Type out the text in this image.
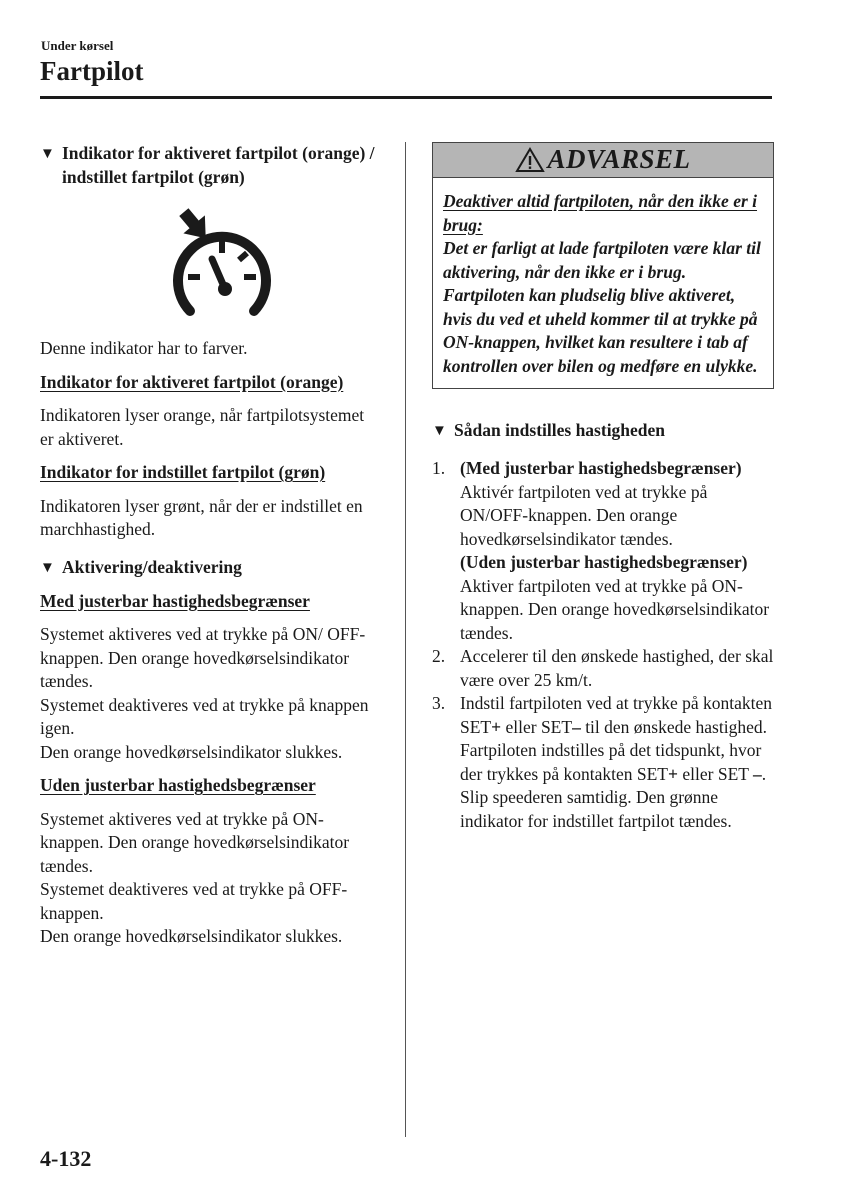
Under kørsel
Fartpilot
▼ Indikator for aktiveret fartpilot (orange) / indstillet fartpilot (grøn)

Denne indikator har to farver.

Indikator for aktiveret fartpilot (orange)

Indikatoren lyser orange, når fartpilotsystemet er aktiveret.

Indikator for indstillet fartpilot (grøn)

Indikatoren lyser grønt, når der er indstillet en marchhastighed.

▼ Aktivering/deaktivering
Med justerbar hastighedsbegrænser

Systemet aktiveres ved at trykke på ON/ OFF-knappen. Den orange hovedkørselsindikator tændes.

Systemet deaktiveres ved at trykke på knappen igen.

Den orange hovedkørselsindikator slukkes.

Uden justerbar hastighedsbegrænser

Systemet aktiveres ved at trykke på ON-knappen. Den orange hovedkørselsindikator tændes.

Systemet deaktiveres ved at trykke på OFF-knappen.

Den orange hovedkørselsindikator slukkes.

ADVARSEL
Deaktiver altid fartpiloten, når den ikke er i brug:
Det er farligt at lade fartpiloten være klar til aktivering, når den ikke er i brug. Fartpiloten kan pludselig blive aktiveret, hvis du ved et uheld kommer til at trykke på ON-knappen, hvilket kan resultere i tab af kontrollen over bilen og medføre en ulykke.
▼ Sådan indstilles hastigheden
1. (Med justerbar hastighedsbegrænser)
Aktivér fartpiloten ved at trykke på ON/OFF-knappen. Den orange hovedkørselsindikator tændes.
(Uden justerbar hastighedsbegrænser)
Aktiver fartpiloten ved at trykke på ON-knappen. Den orange hovedkørselsindikator tændes.
2. Accelerer til den ønskede hastighed, der skal være over 25 km/t.
3. Indstil fartpiloten ved at trykke på kontakten SET+ eller SET– til den ønskede hastighed. Fartpiloten indstilles på det tidspunkt, hvor der trykkes på kontakten SET+ eller SET –. Slip speederen samtidig. Den grønne indikator for indstillet fartpilot tændes.
4-132
